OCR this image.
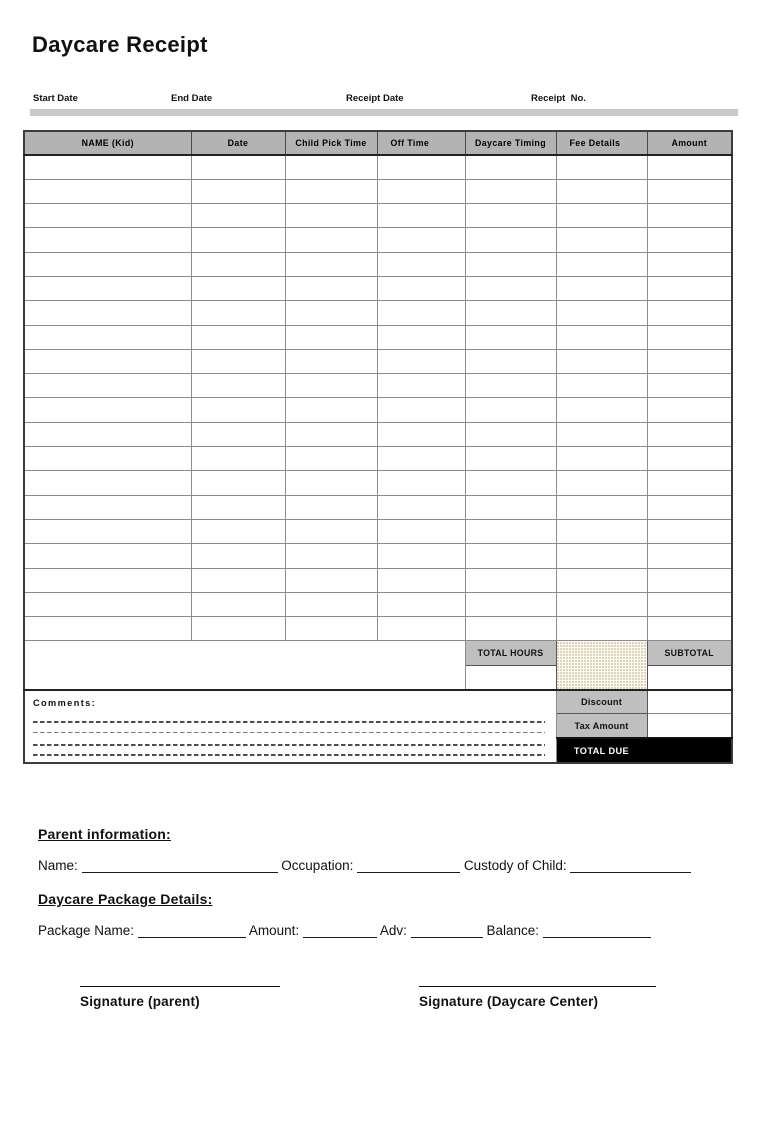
Daycare Receipt
Start Date	End Date	Receipt Date	Receipt  No.
NAME (Kid)	Date	Child Pick Time	Off Time	Daycare Timing	Fee Details	Amount

				TOTAL HOURS		SUBTOTAL

Comments:					Discount	
					Tax Amount	
					TOTAL DUE	
Parent information:
Name:	Occupation:	Custody of Child:
Daycare Package Details:
Package Name:	Amount:	Adv:	Balance:
Signature (parent)	Signature (Daycare Center)
